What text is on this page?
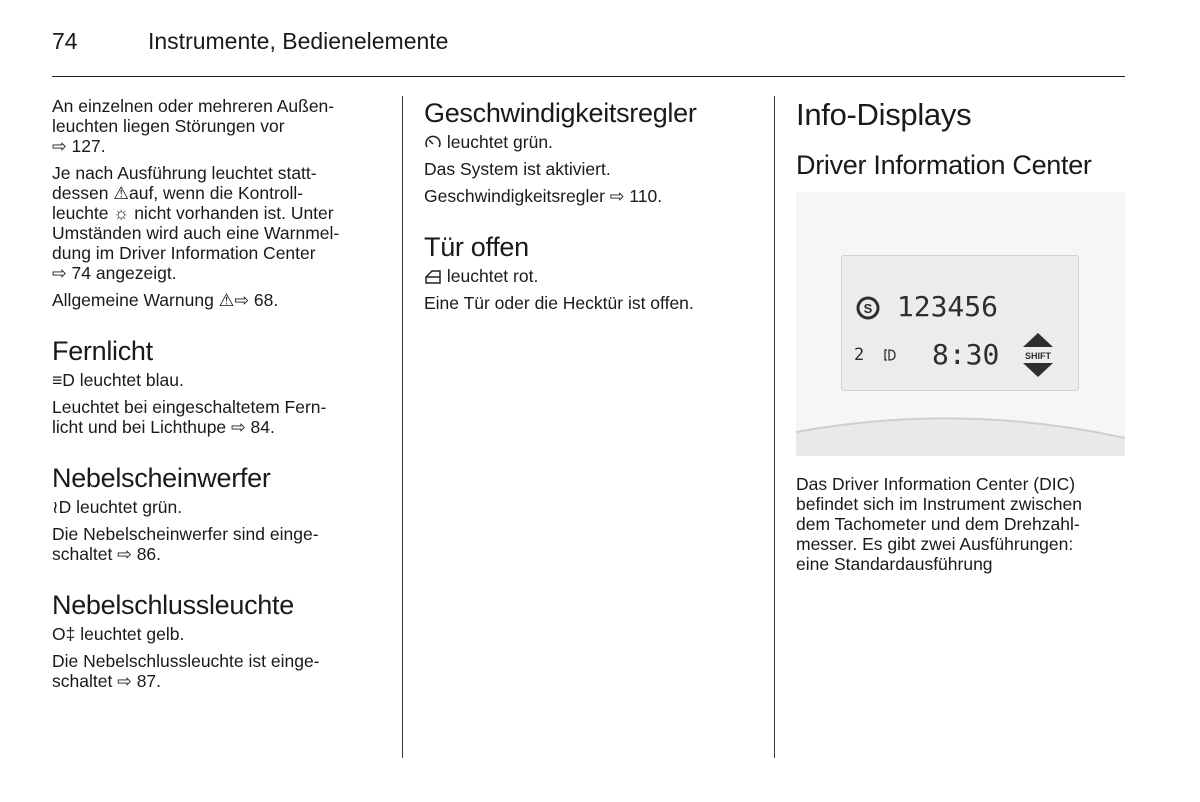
74	Instrumente, Bedienelemente

An einzelnen oder mehreren Außen-
leuchten liegen Störungen vor
⇨ 127.

Je nach Ausführung leuchtet statt-
dessen ⚠auf, wenn die Kontroll-
leuchte ☼ nicht vorhanden ist. Unter
Umständen wird auch eine Warnmel-
dung im Driver Information Center
⇨ 74 angezeigt.

Allgemeine Warnung ⚠⇨ 68.

Fernlicht

≡D leuchtet blau.

Leuchtet bei eingeschaltetem Fern-
licht und bei Lichthupe ⇨ 84.

Nebelscheinwerfer

≀D leuchtet grün.

Die Nebelscheinwerfer sind einge-
schaltet ⇨ 86.

Nebelschlussleuchte

O‡ leuchtet gelb.

Die Nebelschlussleuchte ist einge-
schaltet ⇨ 87.

Geschwindigkeitsregler

leuchtet grün.

Das System ist aktiviert.

Geschwindigkeitsregler ⇨ 110.

Tür offen

leuchtet rot.

Eine Tür oder die Hecktür ist offen.

Info-Displays
Driver Information Center
S 123456
2 8:30	SHIFT

Das Driver Information Center (DIC)
befindet sich im Instrument zwischen
dem Tachometer und dem Drehzahl-
messer. Es gibt zwei Ausführungen:
eine Standardausführung
